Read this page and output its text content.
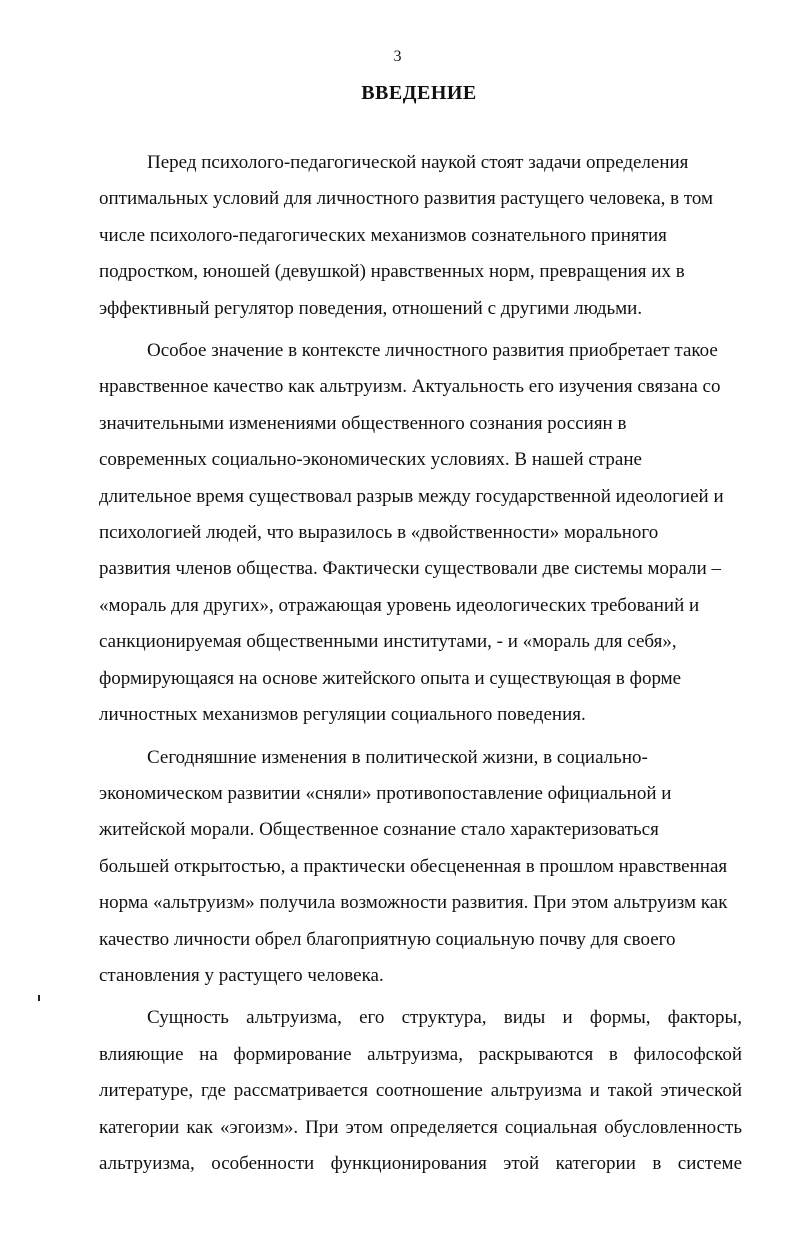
3
ВВЕДЕНИЕ

Перед психолого-педагогической наукой стоят задачи определения
оптимальных условий для личностного развития растущего человека, в том
числе психолого-педагогических механизмов сознательного принятия
подростком, юношей (девушкой) нравственных норм, превращения их в
эффективный регулятор поведения, отношений с другими людьми.

Особое значение в контексте личностного развития приобретает такое
нравственное качество как альтруизм. Актуальность его изучения связана со
значительными изменениями общественного сознания россиян в
современных социально-экономических условиях. В нашей стране
длительное время существовал разрыв между государственной идеологией и
психологией людей, что выразилось в «двойственности» морального
развития членов общества. Фактически существовали две системы морали –
«мораль для других», отражающая уровень идеологических требований и
санкционируемая общественными институтами, - и «мораль для себя»,
формирующаяся на основе житейского опыта и существующая в форме
личностных механизмов регуляции социального поведения.

Сегодняшние изменения в политической жизни, в социально-
экономическом развитии «сняли» противопоставление официальной и
житейской морали. Общественное сознание стало характеризоваться
большей открытостью, а практически обесцененная в прошлом нравственная
норма «альтруизм» получила возможности развития. При этом альтруизм как
качество личности обрел благоприятную социальную почву для своего
становления у растущего человека.

Сущность альтруизма, его структура, виды и формы, факторы,
влияющие на формирование альтруизма, раскрываются в философской
литературе, где рассматривается соотношение альтруизма и такой этической
категории как «эгоизм». При этом определяется социальная обусловленность
альтруизма, особенности функционирования этой категории в системе
